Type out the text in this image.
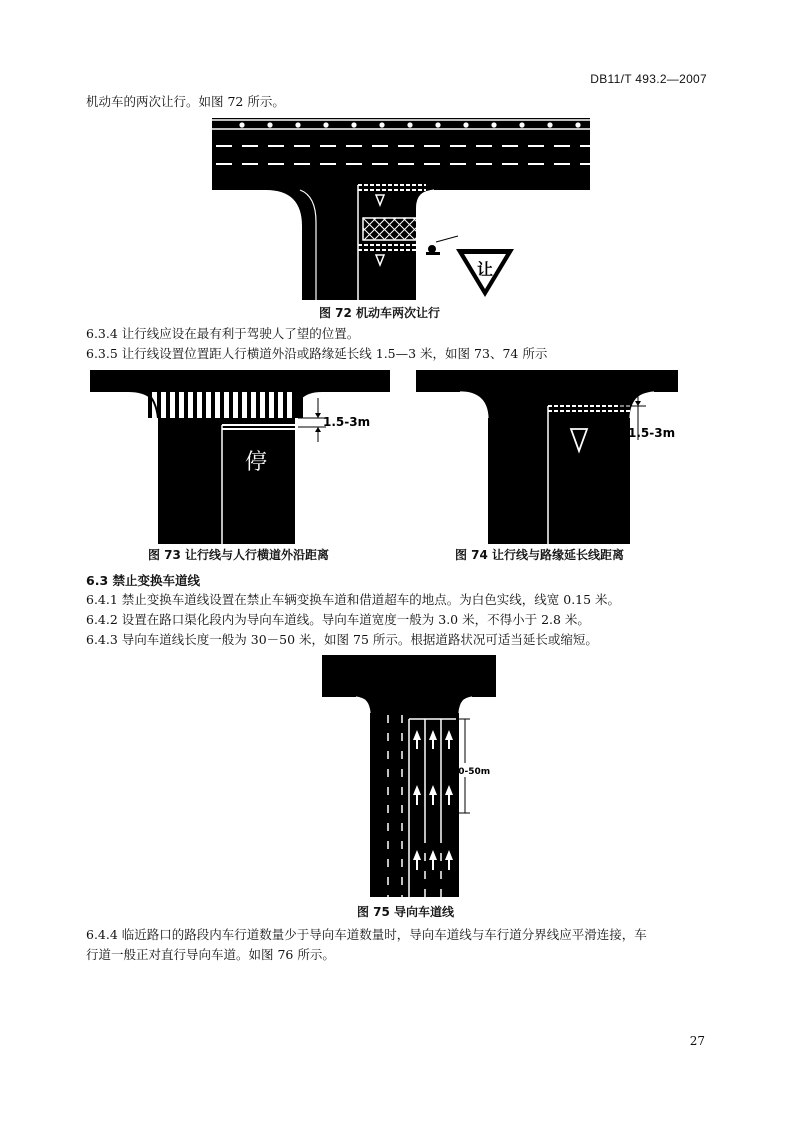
DB11/T 493.2—2007
机动车的两次让行。如图 72 所示。
让
图 72 机动车两次让行
6.3.4 让行线应设在最有利于驾驶人了望的位置。
6.3.5 让行线设置位置距人行横道外沿或路缘延长线 1.5—3 米，如图 73、74 所示
停
1.5-3m
图 73 让行线与人行横道外沿距离
1.5-3m
图 74 让行线与路缘延长线距离
6.3 禁止变换车道线
6.4.1 禁止变换车道线设置在禁止车辆变换车道和借道超车的地点。为白色实线，线宽 0.15 米。
6.4.2 设置在路口渠化段内为导向车道线。导向车道宽度一般为 3.0 米，不得小于 2.8 米。
6.4.3 导向车道线长度一般为 30－50 米，如图 75 所示。根据道路状况可适当延长或缩短。
30-50m
图 75 导向车道线
6.4.4 临近路口的路段内车行道数量少于导向车道数量时，导向车道线与车行道分界线应平滑连接，车
行道一般正对直行导向车道。如图 76 所示。
27
